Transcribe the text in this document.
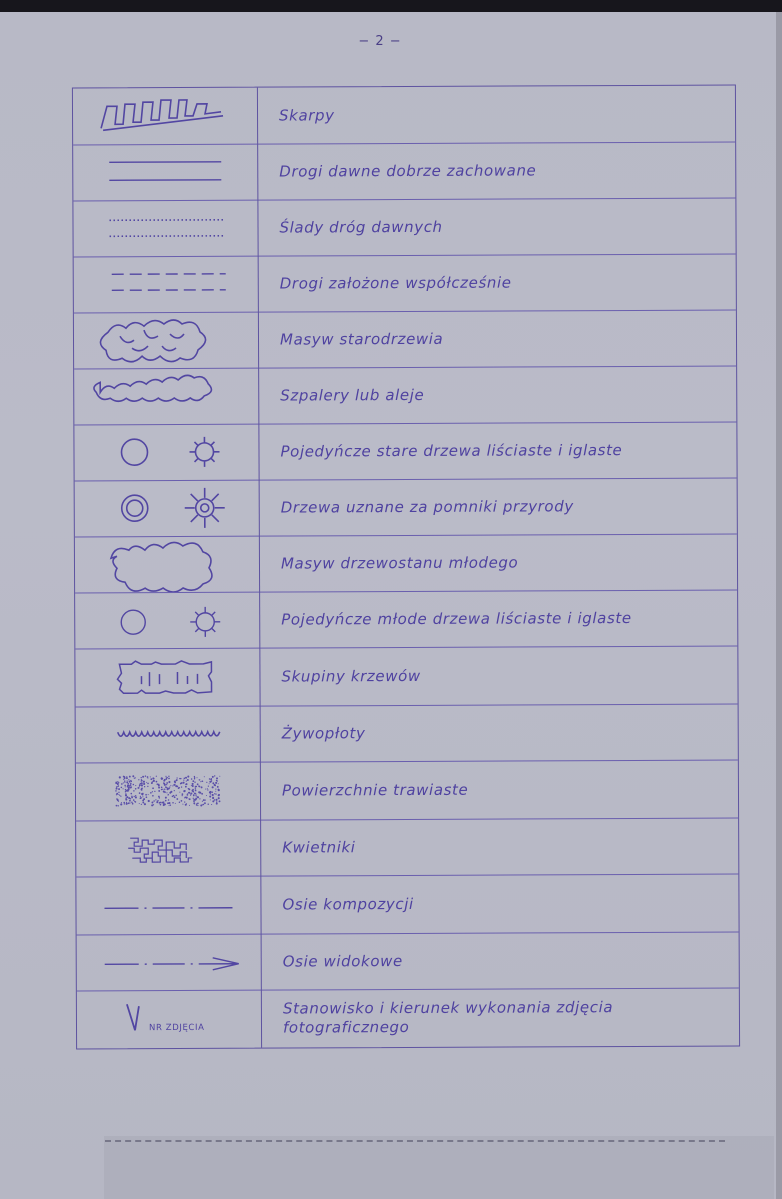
− 2 −
Skarpy
Drogi dawne dobrze zachowane
Ślady dróg dawnych
Drogi założone współcześnie
Masyw starodrzewia
Szpalery lub aleje
Pojedyńcze stare drzewa liściaste i iglaste
Drzewa uznane za pomniki przyrody
Masyw drzewostanu młodego
Pojedyńcze młode drzewa liściaste i iglaste
Skupiny krzewów
Żywopłoty
Powierzchnie trawiaste
Kwietniki
Osie kompozycji
Osie widokowe
NR ZDJĘCIA
Stanowisko i kierunek wykonania zdjęcia fotograficznego
